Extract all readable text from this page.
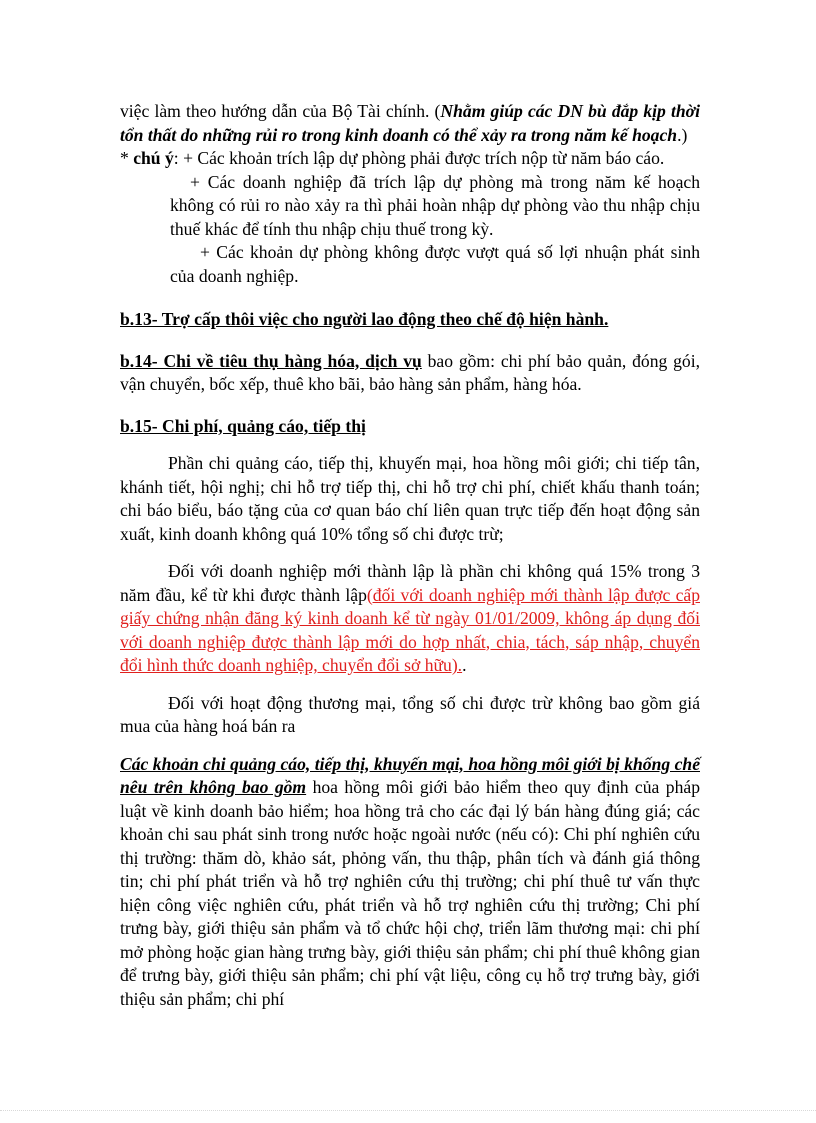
việc làm theo hướng dẫn của Bộ Tài chính. (Nhằm giúp các DN bù đắp kịp thời tổn thất do những rủi ro trong kinh doanh có thể xảy ra trong năm kế hoạch.)

* chú ý: + Các khoản trích lập dự phòng phải được trích nộp từ năm báo cáo.

+ Các doanh nghiệp đã trích lập dự phòng mà trong năm kế hoạch không có rủi ro nào xảy ra thì phải hoàn nhập dự phòng vào thu nhập chịu thuế khác để tính thu nhập chịu thuế trong kỳ.

+ Các khoản dự phòng không được vượt quá số lợi nhuận phát sinh của doanh nghiệp.

b.13- Trợ cấp thôi việc cho người lao động theo chế độ hiện hành.

b.14- Chi về tiêu thụ hàng hóa, dịch vụ bao gồm: chi phí bảo quản, đóng gói, vận chuyển, bốc xếp, thuê kho bãi, bảo hàng sản phẩm, hàng hóa.

b.15- Chi phí, quảng cáo, tiếp thị

Phần chi quảng cáo, tiếp thị, khuyến mại, hoa hồng môi giới; chi tiếp tân, khánh tiết, hội nghị; chi hỗ trợ tiếp thị, chi hỗ trợ chi phí, chiết khấu thanh toán; chi báo biểu, báo tặng của cơ quan báo chí liên quan trực tiếp đến hoạt động sản xuất, kinh doanh không quá 10% tổng số chi được trừ;

Đối với doanh nghiệp mới thành lập là phần chi không quá 15% trong 3 năm đầu, kể từ khi được thành lập(đối với doanh nghiệp mới thành lập được cấp giấy chứng nhận đăng ký kinh doanh kể từ ngày 01/01/2009, không áp dụng đối với doanh nghiệp được thành lập mới do hợp nhất, chia, tách, sáp nhập, chuyển đổi hình thức doanh nghiệp, chuyển đổi sở hữu)..

Đối với hoạt động thương mại, tổng số chi được trừ không bao gồm giá mua của hàng hoá bán ra

Các khoản chi quảng cáo, tiếp thị, khuyến mại, hoa hồng môi giới bị khống chế nêu trên không bao gồm hoa hồng môi giới bảo hiểm theo quy định của pháp luật về kinh doanh bảo hiểm; hoa hồng trả cho các đại lý bán hàng đúng giá; các khoản chi sau phát sinh trong nước hoặc ngoài nước (nếu có): Chi phí nghiên cứu thị trường: thăm dò, khảo sát, phỏng vấn, thu thập, phân tích và đánh giá thông tin; chi phí phát triển và hỗ trợ nghiên cứu thị trường; chi phí thuê tư vấn thực hiện công việc nghiên cứu, phát triển và hỗ trợ nghiên cứu thị trường; Chi phí trưng bày, giới thiệu sản phẩm và tổ chức hội chợ, triển lãm thương mại: chi phí mở phòng hoặc gian hàng trưng bày, giới thiệu sản phẩm; chi phí thuê không gian để trưng bày, giới thiệu sản phẩm; chi phí vật liệu, công cụ hỗ trợ trưng bày, giới thiệu sản phẩm; chi phí
